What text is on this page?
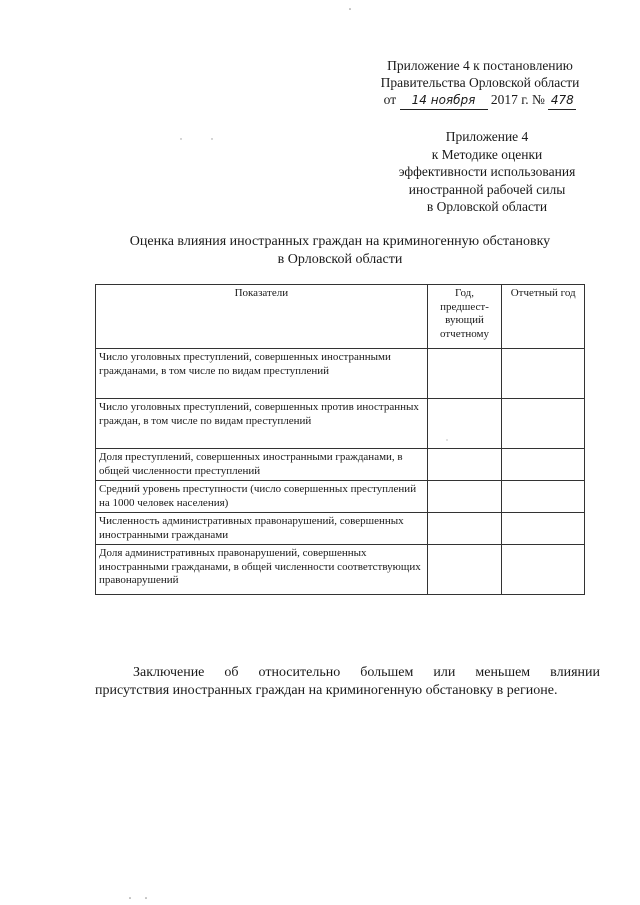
Приложение 4 к постановлению
Правительства Орловской области
от 14 ноября 2017 г. № 478
Приложение 4
к Методике оценки
эффективности использования
иностранной рабочей силы
в Орловской области
Оценка влияния иностранных граждан на криминогенную обстановку
в Орловской области
Показатели	Год, предшест-вующий отчетному	Отчетный год
Число уголовных преступлений, совершенных иностранными гражданами, в том числе по видам преступлений		
Число уголовных преступлений, совершенных против иностранных граждан, в том числе по видам преступлений		
Доля преступлений, совершенных иностранными гражданами, в общей численности преступлений		
Средний уровень преступности (число совершенных преступлений на 1000 человек населения)		
Численность административных правонарушений, совершенных иностранными гражданами		
Доля административных правонарушений, совершенных иностранными гражданами, в общей численности соответствующих правонарушений		
Заключение об относительно большем или меньшем влиянии
присутствия иностранных граждан на криминогенную обстановку в регионе.
